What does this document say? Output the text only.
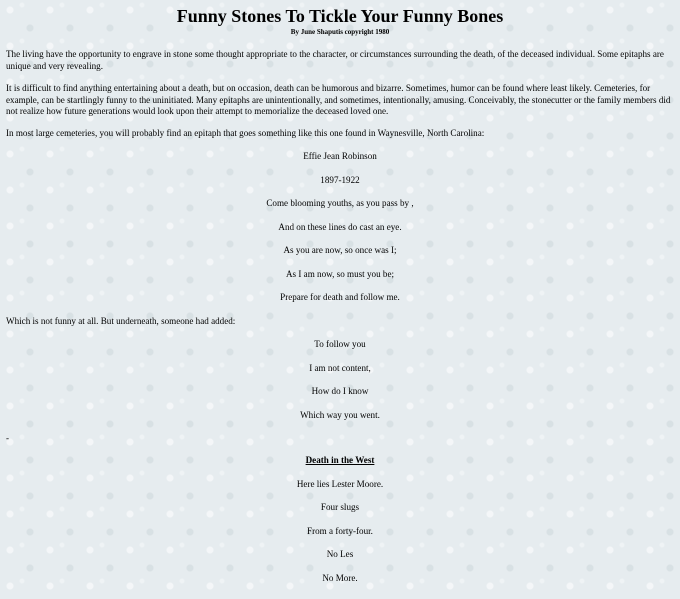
Funny Stones To Tickle Your Funny Bones
By June Shaputis copyright 1980

The living have the opportunity to engrave in stone some thought appropriate to the character, or circumstances surrounding the death, of the deceased individual. Some epitaphs are unique and very revealing.

It is difficult to find anything entertaining about a death, but on occasion, death can be humorous and bizarre. Sometimes, humor can be found where least likely. Cemeteries, for example, can be startlingly funny to the uninitiated. Many epitaphs are unintentionally, and sometimes, intentionally, amusing. Conceivably, the stonecutter or the family members did not realize how future generations would look upon their attempt to memorialize the deceased loved one.

In most large cemeteries, you will probably find an epitaph that goes something like this one found in Waynesville, North Carolina:

Effie Jean Robinson

1897-1922

Come blooming youths, as you pass by ,

And on these lines do cast an eye.

As you are now, so once was I;

As I am now, so must you be;

Prepare for death and follow me.

Which is not funny at all. But underneath, someone had added:

To follow you

I am not content,

How do I know

Which way you went.

-

Death in the West

Here lies Lester Moore.

Four slugs

From a forty-four.

No Les

No More.
